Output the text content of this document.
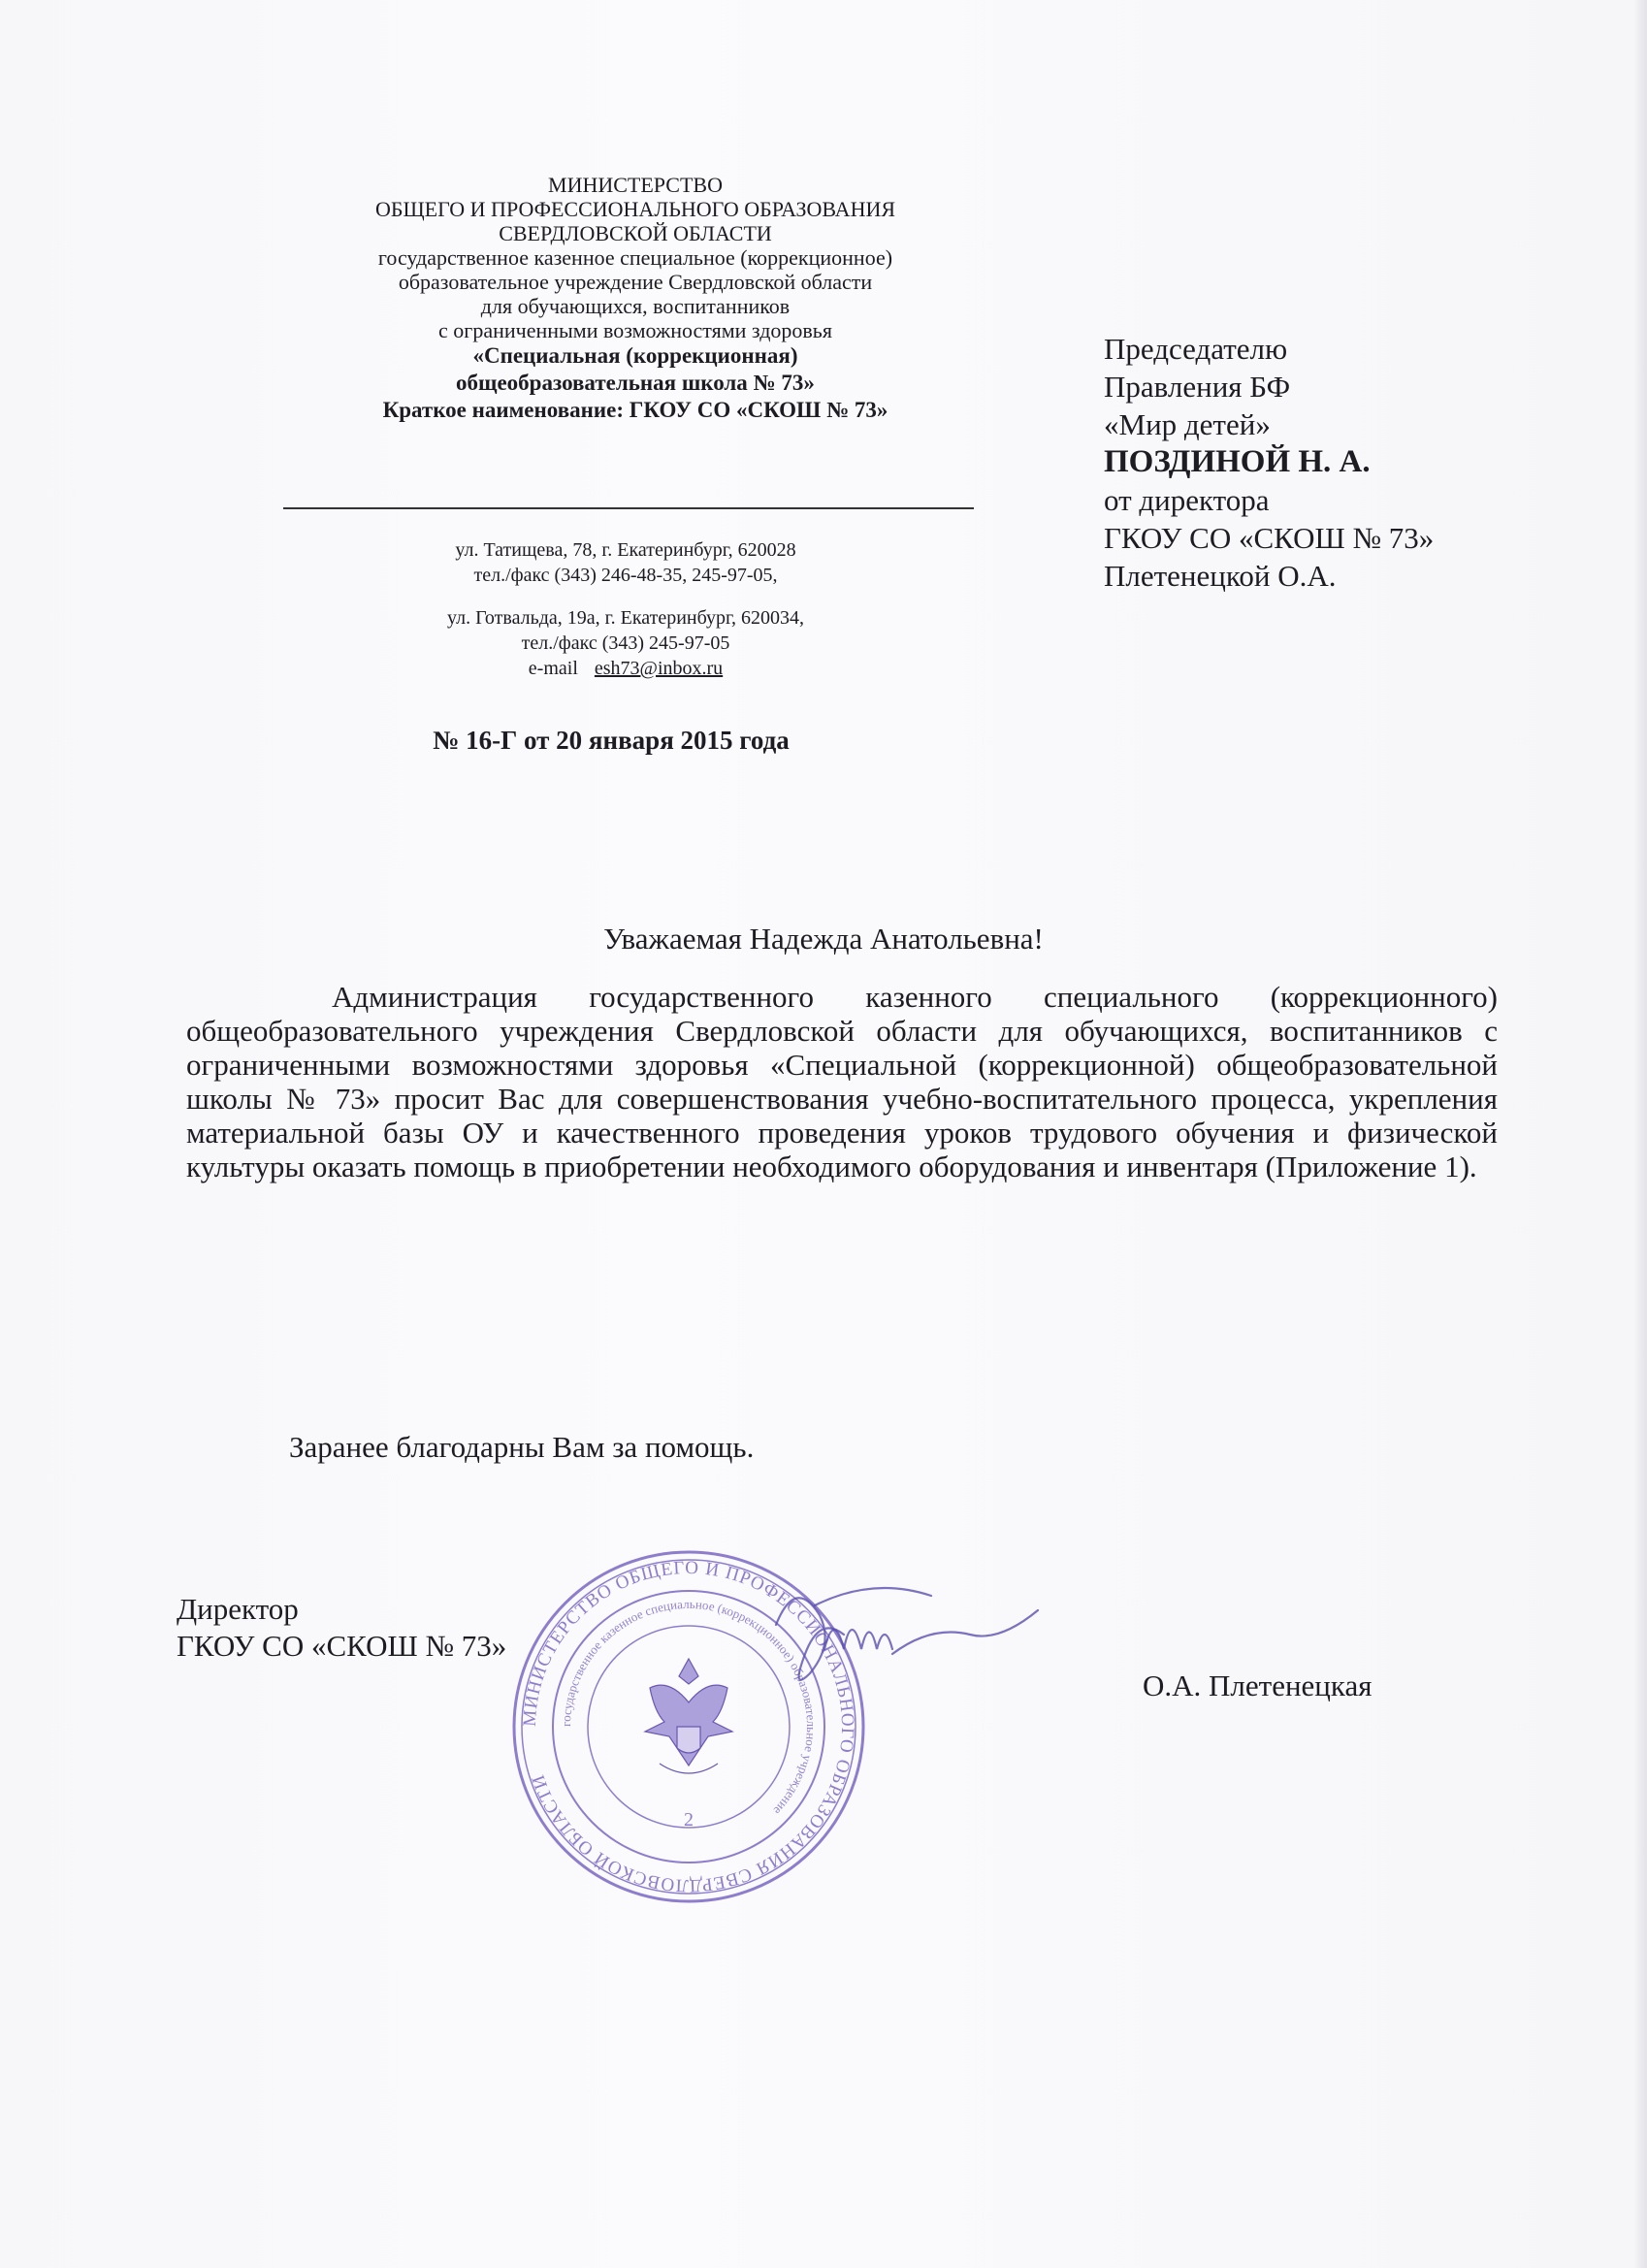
МИНИСТЕРСТВО
ОБЩЕГО И ПРОФЕССИОНАЛЬНОГО ОБРАЗОВАНИЯ
СВЕРДЛОВСКОЙ ОБЛАСТИ
государственное казенное специальное (коррекционное)
образовательное учреждение Свердловской области
для обучающихся, воспитанников
с ограниченными возможностями здоровья
«Специальная (коррекционная)
общеобразовательная школа № 73»
Краткое наименование: ГКОУ СО «СКОШ № 73»
ул. Татищева, 78, г. Екатеринбург, 620028
тел./факс (343) 246-48-35, 245-97-05,
ул. Готвальда, 19а, г. Екатеринбург, 620034,
тел./факс (343) 245-97-05
e-mail esh73@inbox.ru
№ 16-Г от 20 января 2015 года
Председателю
Правления БФ
«Мир детей»
ПОЗДИНОЙ Н. А.
от директора
ГКОУ СО «СКОШ № 73»
Плетенецкой О.А.
Уважаемая Надежда Анатольевна!
Администрация государственного казенного специального (коррекционного) общеобразовательного учреждения Свердловской области для обучающихся, воспитанников с ограниченными возможностями здоровья «Специальной (коррекционной) общеобразовательной школы № 73» просит Вас для совершенствования учебно-воспитательного процесса, укрепления материальной базы ОУ и качественного проведения уроков трудового обучения и физической культуры оказать помощь в приобретении необходимого оборудования и инвентаря (Приложение 1).
Заранее благодарны Вам за помощь.
Директор
ГКОУ СО «СКОШ № 73»
О.А. Плетенецкая
МИНИСТЕРСТВО ОБЩЕГО И ПРОФЕССИОНАЛЬНОГО ОБРАЗОВАНИЯ СВЕРДЛОВСКОЙ ОБЛАСТИ
государственное казенное специальное (коррекционное) образовательное учреждение
2
